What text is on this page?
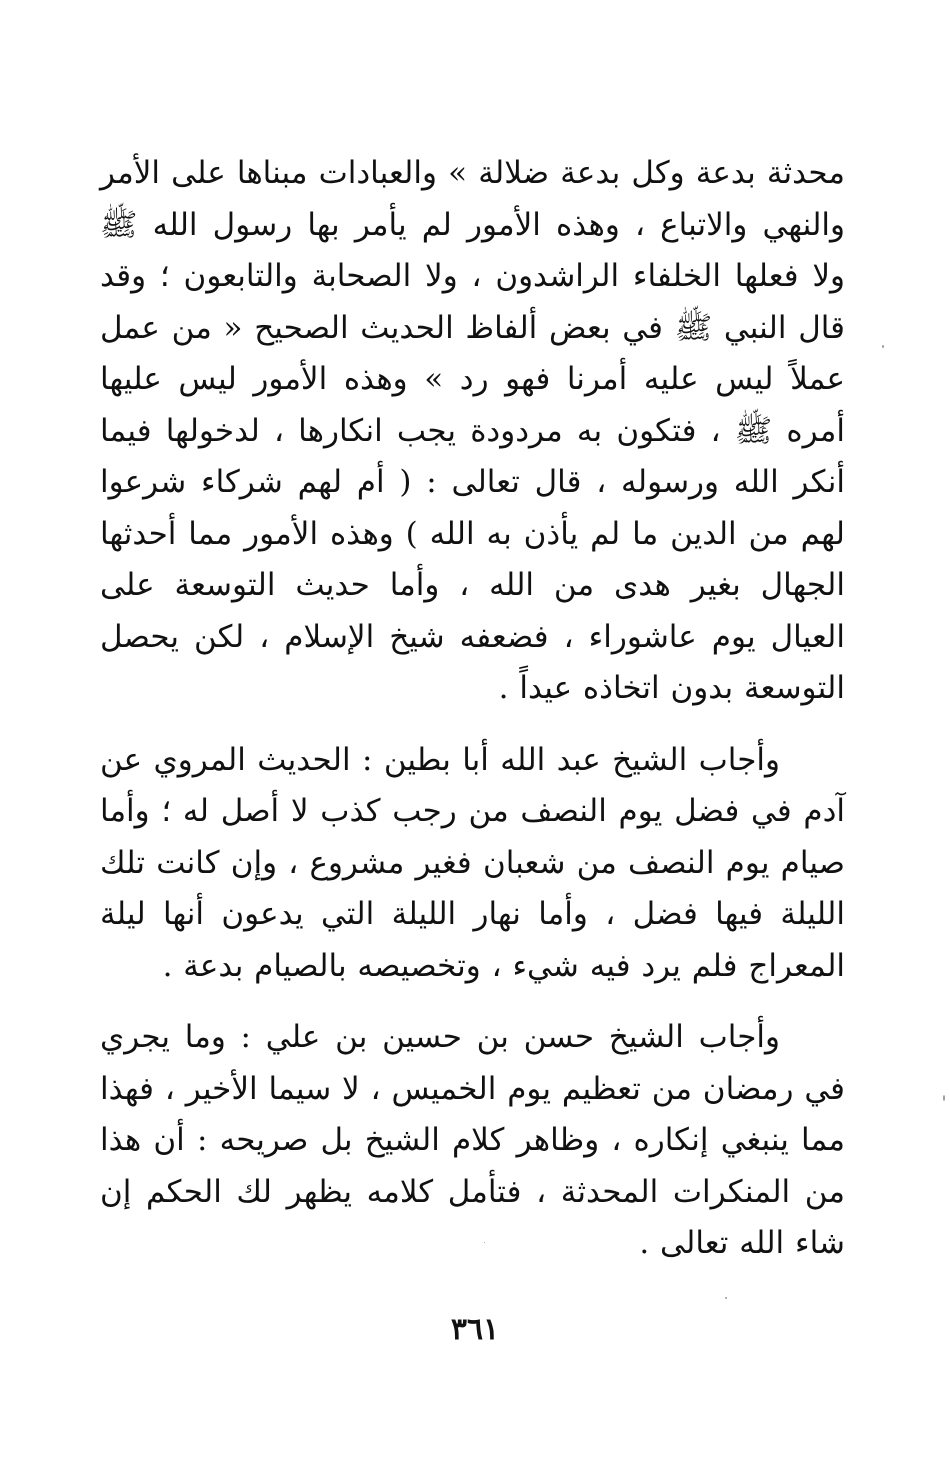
محدثة بدعة وكل بدعة ضلالة » والعبادات مبناها على الأمر والنهي والاتباع ، وهذه الأمور لم يأمر بها رسول الله ﷺ ولا فعلها الخلفاء الراشدون ، ولا الصحابة والتابعون ؛ وقد قال النبي ﷺ في بعض ألفاظ الحديث الصحيح « من عمل عملاً ليس عليه أمرنا فهو رد » وهذه الأمور ليس عليها أمره ﷺ ، فتكون به مردودة يجب انكارها ، لدخولها فيما أنكر الله ورسوله ، قال تعالى : ( أم لهم شركاء شرعوا لهم من الدين ما لم يأذن به الله ) وهذه الأمور مما أحدثها الجهال بغير هدى من الله ، وأما حديث التوسعة على العيال يوم عاشوراء ، فضعفه شيخ الإسلام ، لكن يحصل التوسعة بدون اتخاذه عيداً .

وأجاب الشيخ عبد الله أبا بطين : الحديث المروي عن آدم في فضل يوم النصف من رجب كذب لا أصل له ؛ وأما صيام يوم النصف من شعبان فغير مشروع ، وإن كانت تلك الليلة فيها فضل ، وأما نهار الليلة التي يدعون أنها ليلة المعراج فلم يرد فيه شيء ، وتخصيصه بالصيام بدعة .

وأجاب الشيخ حسن بن حسين بن علي : وما يجري في رمضان من تعظيم يوم الخميس ، لا سيما الأخير ، فهذا مما ينبغي إنكاره ، وظاهر كلام الشيخ بل صريحه : أن هذا من المنكرات المحدثة ، فتأمل كلامه يظهر لك الحكم إن شاء الله تعالى .

٣٦١
